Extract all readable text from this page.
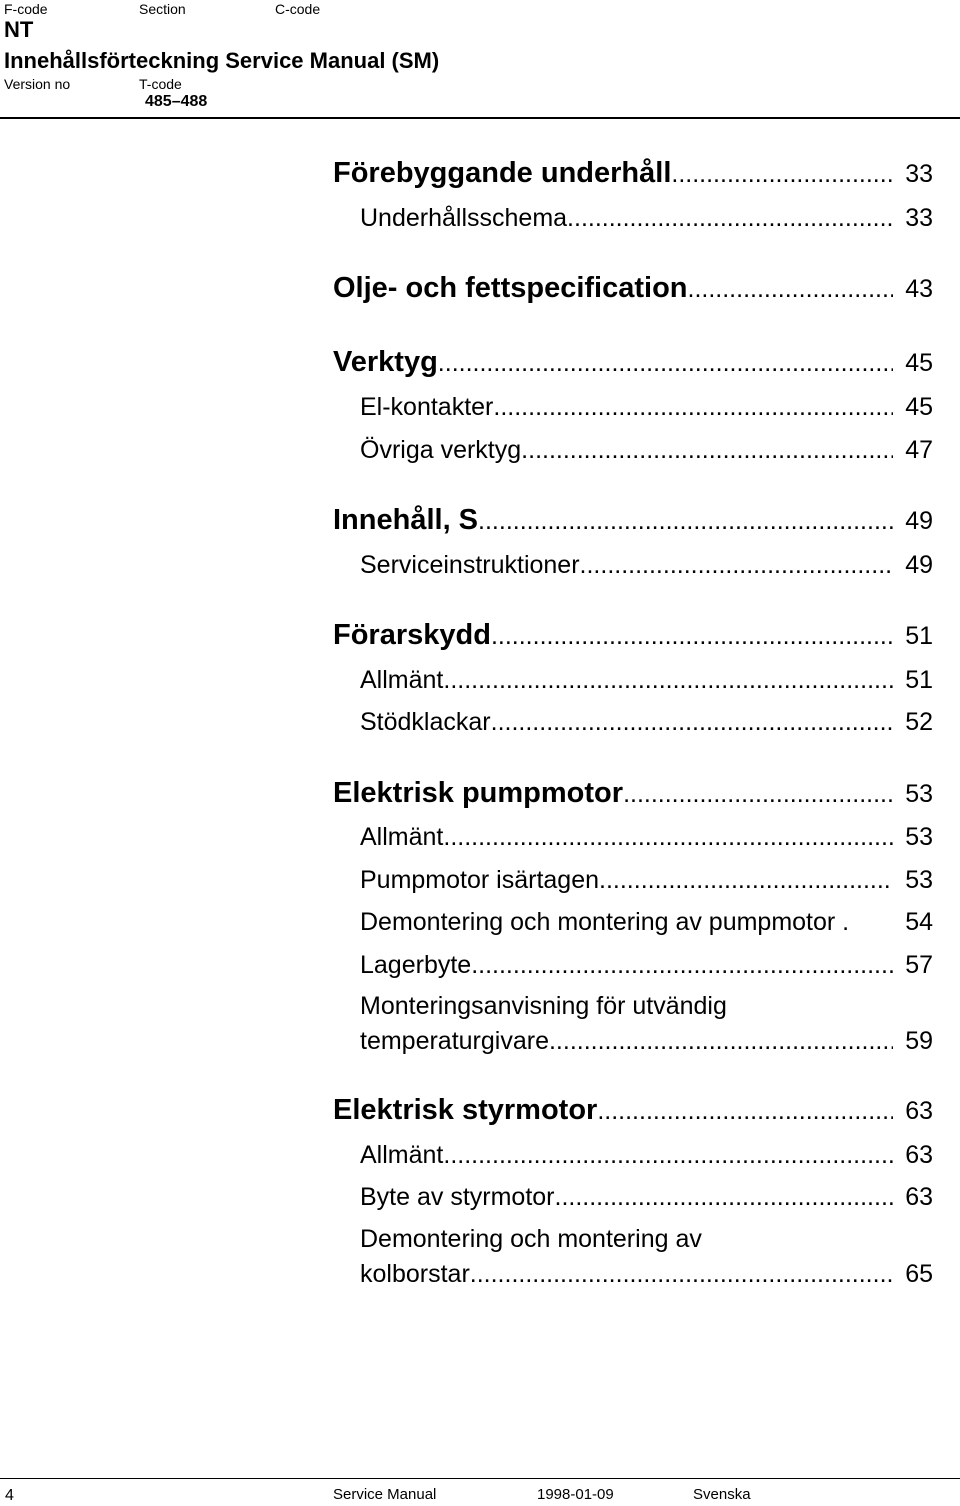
F-code	Section	C-code
NT
Innehållsförteckning Service Manual (SM)
Version no	T-code
485–488
Förebyggande underhåll .....	33
Underhållsschema .....	33
Olje- och fettspecification .....	43
Verktyg .....	45
El-kontakter .....	45
Övriga verktyg .....	47
Innehåll, S .....	49
Serviceinstruktioner .....	49
Förarskydd .....	51
Allmänt .....	51
Stödklackar .....	52
Elektrisk pumpmotor .....	53
Allmänt .....	53
Pumpmotor isärtagen .....	53
Demontering och montering av pumpmotor .	54
Lagerbyte .....	57
Monteringsanvisning för utvändig
temperaturgivare .....	59
Elektrisk styrmotor .....	63
Allmänt .....	63
Byte av styrmotor .....	63
Demontering och montering av
kolborstar .....	65
4	Service Manual	1998-01-09	Svenska
